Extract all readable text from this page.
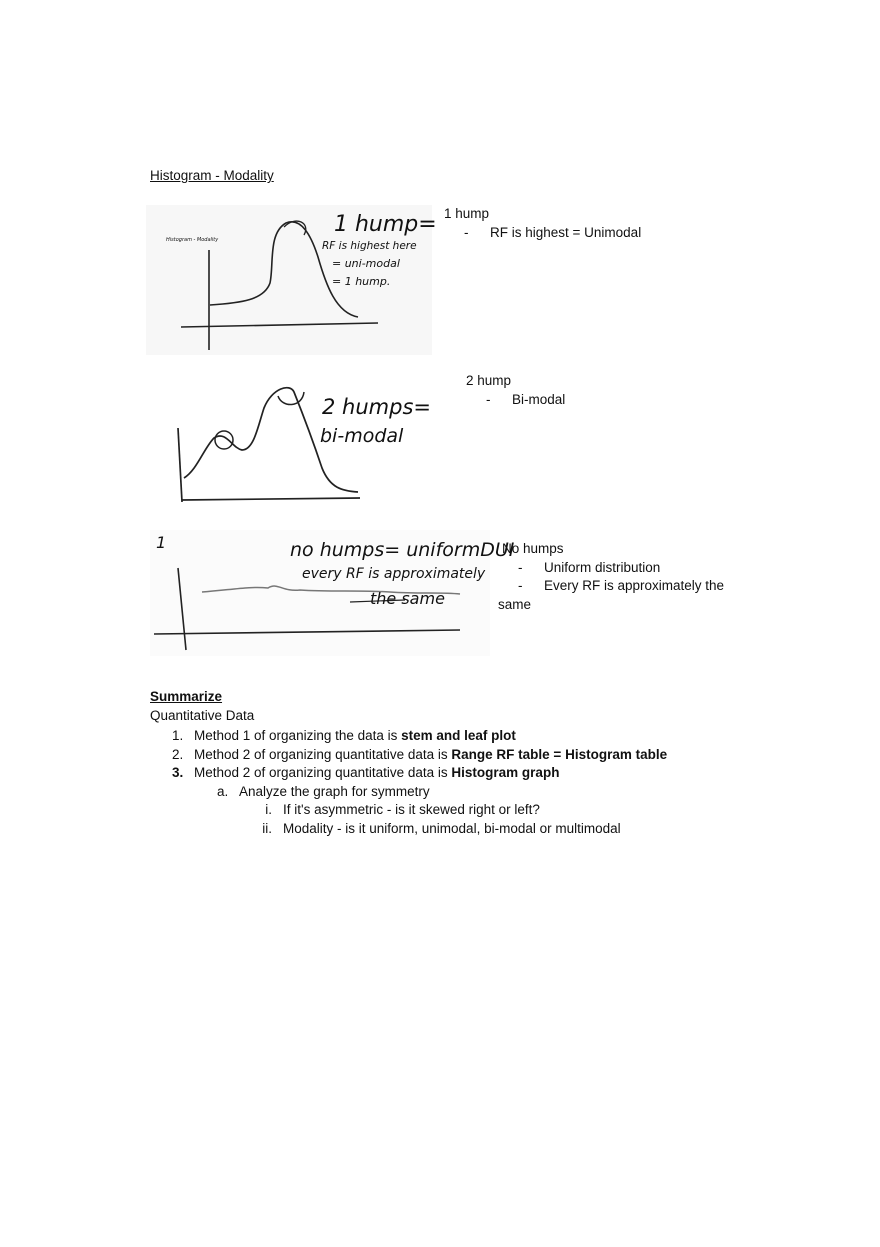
Histogram - Modality
Histogram - Modality
1 hump=
RF is highest here
= uni-modal
= 1 hump.
1 hump
- RF is highest = Unimodal
2 humps=
bi-modal
2 hump
- Bi-modal
1	no humps= uniformDUI
every RF is approximately
the same
No humps
- Uniform distribution
- Every RF is approximately the
same
Summarize
Quantitative Data
1. Method 1 of organizing the data is stem and leaf plot
2. Method 2 of organizing quantitative data is Range RF table = Histogram table
3. Method 2 of organizing quantitative data is Histogram graph
a. Analyze the graph for symmetry
i. If it's asymmetric - is it skewed right or left?
ii. Modality - is it uniform, unimodal, bi-modal or multimodal
